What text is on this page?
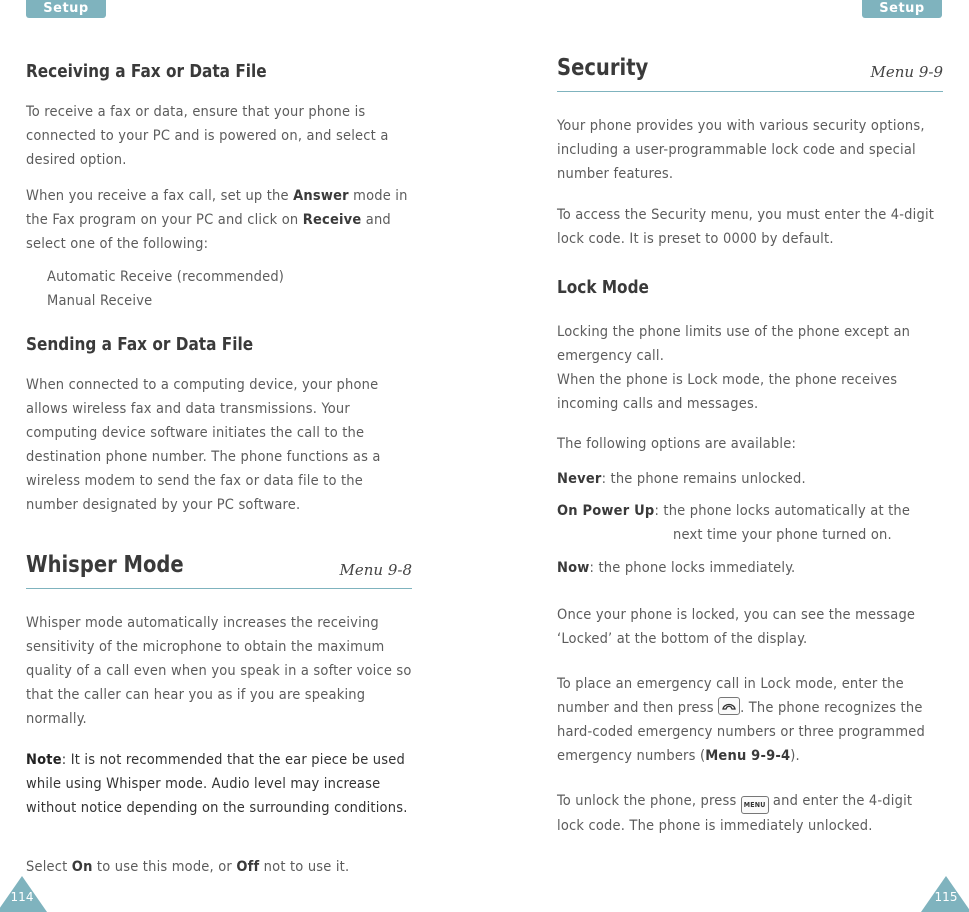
Setup	Setup
Receiving a Fax or Data File

To receive a fax or data, ensure that your phone is connected to your PC and is powered on, and select a desired option.

When you receive a fax call, set up the Answer mode in the Fax program on your PC and click on Receive and select one of the following:

Automatic Receive (recommended)

Manual Receive

Sending a Fax or Data File

When connected to a computing device, your phone allows wireless fax and data transmissions. Your computing device software initiates the call to the destination phone number. The phone functions as a wireless modem to send the fax or data file to the number designated by your PC software.

Whisper Mode	Menu 9-8

Whisper mode automatically increases the receiving sensitivity of the microphone to obtain the maximum quality of a call even when you speak in a softer voice so that the caller can hear you as if you are speaking normally.

Note: It is not recommended that the ear piece be used while using Whisper mode. Audio level may increase without notice depending on the surrounding conditions.

Select On to use this mode, or Off not to use it.

Security	Menu 9-9

Your phone provides you with various security options, including a user-programmable lock code and special number features.

To access the Security menu, you must enter the 4-digit lock code. It is preset to 0000 by default.

Lock Mode

Locking the phone limits use of the phone except an emergency call.

When the phone is Lock mode, the phone receives incoming calls and messages.

The following options are available:

Never: the phone remains unlocked.

On Power Up: the phone locks automatically at the
next time your phone turned on.

Now: the phone locks immediately.

Once your phone is locked, you can see the message ‘Locked’ at the bottom of the display.

To place an emergency call in Lock mode, enter the number and then press
. The phone recognizes the hard-coded emergency numbers or three programmed emergency numbers (Menu 9-9-4).

To unlock the phone, press MENU and enter the 4-digit lock code. The phone is immediately unlocked.

114	115
